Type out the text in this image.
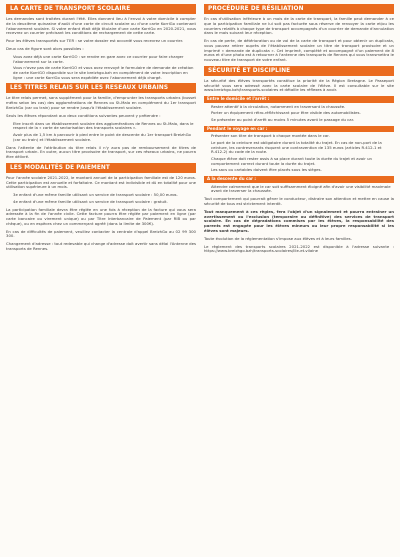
LA CARTE DE TRANSPORT SCOLAIRE

Les demandes sont traitées durant l'été. Elles donnent lieu à l'envoi à votre domicile à compter de la deuxième quinzaine d'août d'une carte de circuit scolaire ou d'une carte KorriGo contenant l'abonnement scolaire. Si votre enfant était déjà titulaire d'une carte KorriGo en 2020-2021, vous recevrez un courrier précisant les conditions de rechargement de cette carte.

Pour les élèves transportés sur TER : se votre dossier est accordé vous recevrez un courrier.

Deux cas de figure sont alors possibles :

• Vous avez déjà une carte KorriGO : se rendre en gare avec ce courrier pour faire charger l'abonnement sur la carte.
• Vous n'avez pas de carte KorriGO et vous avez renvoyé le formulaire de demande de création de carte KorriGO disponible sur le site breizhgo.bzh en complément de votre inscription en ligne : une carte KorriGo vous sera expédiée avec l'abonnement déjà chargé.
LES TITRES RELAIS SUR LES RESEAUX URBAINS

Le titre relais permet, sans supplément pour la famille, d'emprunter les transports urbains (busset métro selon les cas) des agglomérations de Rennes ou St-Malo en complément du 1er transport BreizhGo (car ou train) pour se rendre jusqu'à l'établissement scolaire.

Seuls les élèves répondant aux deux conditions suivantes peuvent y prétendre :

• Etre inscrit dans un établissement scolaire des agglomérations de Rennes ou St-Malo, dans le respect de la « carte de sectorisation des transports scolaires ».
• Avoir plus de 1,5 km à parcourir à pied entre le point de descente du 1er transport BreizhGo (car ou train) et l'établissement scolaire.

Dans l'attente de l'attribution du titre relais il n'y aura pas de remboursement de titres de transport urbain. En outre, aucun titre provisoire de transport, sur ces réseaux urbains, ne pourra être délivré.

LES MODALITÉS DE PAIEMENT

Pour l'année scolaire 2021-2022, le montant annuel de la participation familiale est de 120 euros. Cette participation est annuelle et forfaitaire. Ce montant est indivisible et dû en totalité pour une utilisation supérieure à un mois.

• 3e enfant d'une même famille utilisant un service de transport scolaire : 50,00 euros.
• 4e enfant d'une même famille utilisant un service de transport scolaire : gratuit.

La participation familiale devra être réglée en une fois à réception de la facture qui vous sera adressée à la fin de l'année civile. Cette facture pourra être réglée par paiement en ligne (par carte bancaire ou virement unique) ou par Titre Interbancaire de Paiement (par RIB ou par chèque), ou en espèces chez un commerçant agréé (dans la limite de 300€).

En cas de difficultés de paiement, veuillez contacter la centrale d'appel BreizhGo au 02 99 300 300.

Changement d'adresse : tout redevable qui change d'adresse doit avertir sans délai l'Antenne des transports de Rennes.

PROCÉDURE DE RÉSILIATION

En cas d'utilisation inférieure à un mois de la carte de transport, la famille peut demander à ce que la participation familiale ne lui soit pas facturée sous réserve de renvoyer la carte et/ou les courriers relatifs à chaque type de transport accompagnés d'un courrier de demande d'annulation dans le mois suivant leur réception.

En cas de perte, de détérioration ou de vol de la carte de transport et pour obtenir un duplicata, vous pouvez retirer auprès de l'établissement scolaire un titre de transport provisoire et un imprimé « demande de duplicata ». Cet imprimé, complété et accompagné d'un paiement de 8 euros et d'une photo est à retourner à l'antenne des transports de Rennes qui vous transmettra le nouveau titre de transport de votre enfant.

SÉCURITÉ ET DISCIPLINE

La sécurité des élèves transportés constitue la priorité de la Région Bretagne. Le Passeport sécurité vous sera adressé avec la carte scolaire de l'élève. Il est consultable sur le site www.breizhgo.bzh/transports-scolaires et détaille les réflexes à avoir.

Entre le domicile et l'arrêt :
• Rester attentif à la circulation, notamment en traversant la chaussée.
• Porter un équipement rétro-réfléchissant pour être visible des automobilistes.
• Se présenter au point d'arrêt au moins 5 minutes avant le passage du car.
Pendant le voyage en car :
• Présenter son titre de transport à chaque montée dans le car.
• Le port de la ceinture est obligatoire durant la totalité du trajet. En cas de non-port de la ceinture, les contrevenants risquent une contravention de 135 euros (articles R.412-1 et R.412-2) du code de la route.
• Chaque élève doit rester assis à sa place durant toute la durée du trajet et avoir un comportement correct durant toute la durée du trajet.
• Les sacs ou cartables doivent être placés sous les sièges.
A la descente du car :
• Attendre calmement que le car soit suffisamment éloigné afin d'avoir une visibilité maximale avant de traverser la chaussée.

Tout comportement qui pourrait gêner le conducteur, distraire son attention et mettre en cause la sécurité de tous est strictement interdit.

Tout manquement à ces règles, fera l'objet d'un signalement et pourra entraîner un avertissement ou l'exclusion (temporaire ou définitive) des services de transport scolaire. En cas de dégradations commises par les élèves, la responsabilité des parents est engagée pour les élèves mineurs ou leur propre responsabilité si les élèves sont majeurs.

Toute évolution de la réglementation s'impose aux élèves et à leurs familles.

Le règlement des transports scolaires 2021-2022 est disponible à l'adresse suivante : https://www.breizhgo.bzh/transports-scolaires/ille-et-vilaine
